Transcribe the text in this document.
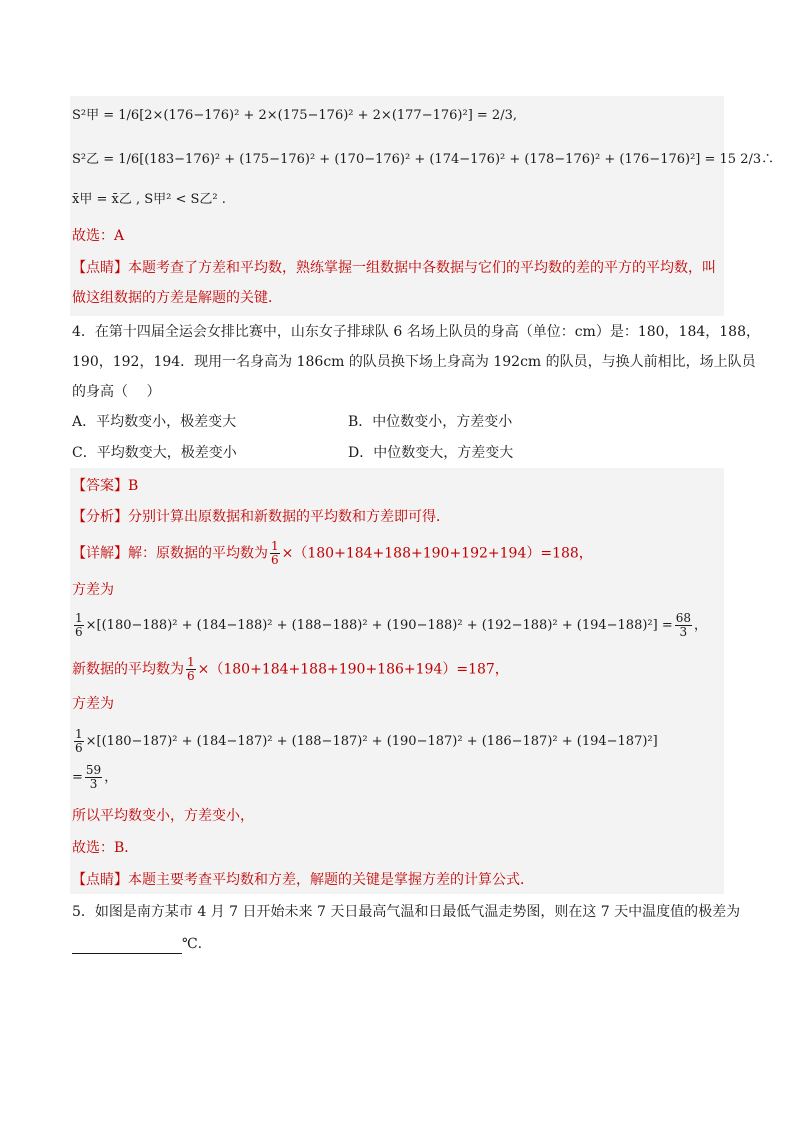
S²甲 = 1/6[2×(176−176)² + 2×(175−176)² + 2×(177−176)²] = 2/3,
S²乙 = 1/6[(183−176)² + (175−176)² + (170−176)² + (174−176)² + (178−176)² + (176−176)²] = 15 2/3∴
x̄甲 = x̄乙 , S甲² < S乙² .
故选：A
【点睛】本题考查了方差和平均数，熟练掌握一组数据中各数据与它们的平均数的差的平方的平均数，叫
做这组数据的方差是解题的关键．
4．在第十四届全运会女排比赛中，山东女子排球队 6 名场上队员的身高（单位：cm）是：180，184，188，
190，192，194．现用一名身高为 186cm 的队员换下场上身高为 192cm 的队员，与换人前相比，场上队员
的身高（　 ）
A．平均数变小，极差变大	B．中位数变小，方差变小
C．平均数变大，极差变小	D．中位数变大，方差变大
【答案】B
【分析】分别计算出原数据和新数据的平均数和方差即可得．
【详解】解：原数据的平均数为 $\frac{1}{6} \times(180+184+188+190+192+194)=188$，
方差为
$\frac{1}{6} \times[(180-188)^2 + (184-188)^2 + (188-188)^2 + (190-188)^2 + (192-188)^2 + (194-188)^2] = \frac{68}{3}$ ，
新数据的平均数为 $\frac{1}{6} \times(180+184+188+190+186+194)=187$，
方差为
$\frac{1}{6} \times[(180-187)^2 + (184-187)^2 + (188-187)^2 + (190-187)^2 + (186-187)^2 + (194-187)^2]$
= $\frac{59}{3}$ ，
所以平均数变小，方差变小，
故选：B．
【点睛】本题主要考查平均数和方差，解题的关键是掌握方差的计算公式．
5．如图是南方某市 4 月 7 日开始未来 7 天日最高气温和日最低气温走势图，则在这 7 天中温度值的极差为
℃.
